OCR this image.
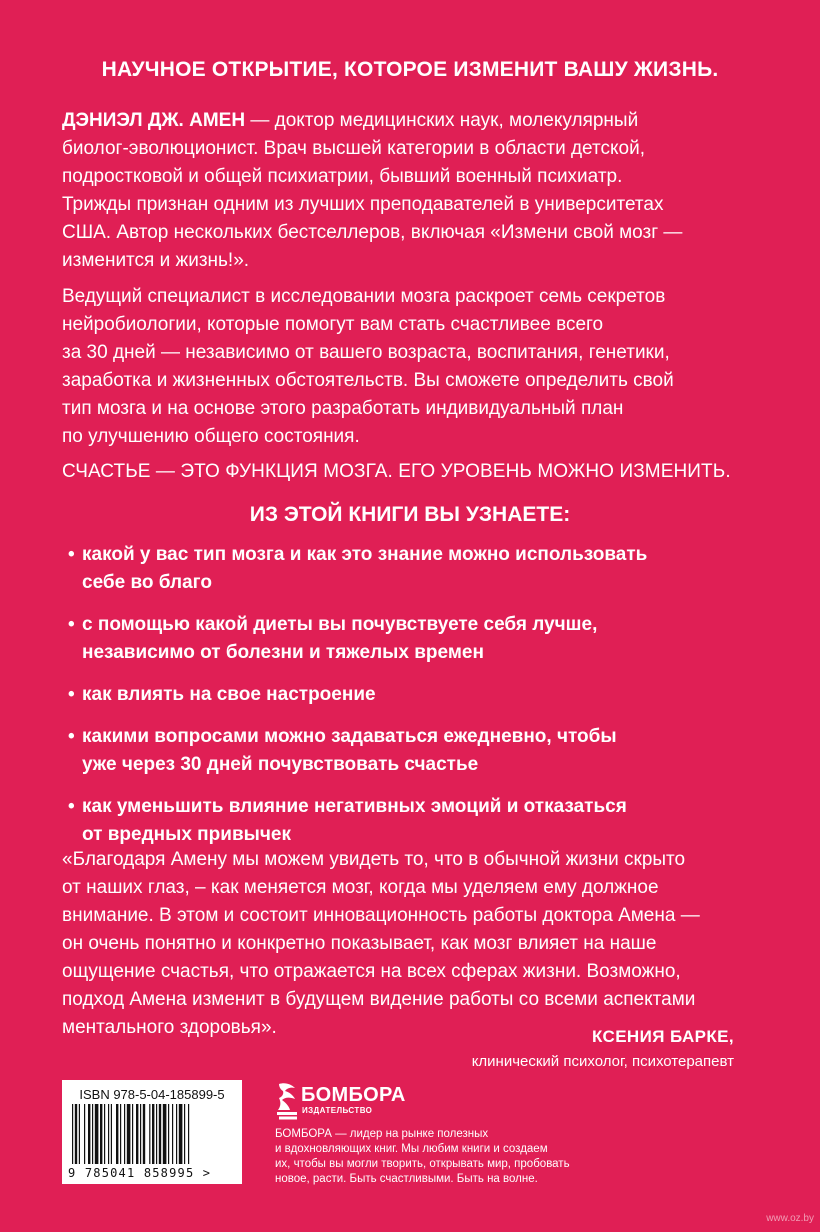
НАУЧНОЕ ОТКРЫТИЕ, КОТОРОЕ ИЗМЕНИТ ВАШУ ЖИЗНЬ.
ДЭНИЭЛ ДЖ. АМЕН — доктор медицинских наук, молекулярный
биолог-эволюционист. Врач высшей категории в области детской,
подростковой и общей психиатрии, бывший военный психиатр.
Трижды признан одним из лучших преподавателей в университетах
США. Автор нескольких бестселлеров, включая «Измени свой мозг —
изменится и жизнь!».
Ведущий специалист в исследовании мозга раскроет семь секретов
нейробиологии, которые помогут вам стать счастливее всего
за 30 дней — независимо от вашего возраста, воспитания, генетики,
заработка и жизненных обстоятельств. Вы сможете определить свой
тип мозга и на основе этого разработать индивидуальный план
по улучшению общего состояния.
СЧАСТЬЕ — ЭТО ФУНКЦИЯ МОЗГА. ЕГО УРОВЕНЬ МОЖНО ИЗМЕНИТЬ.
ИЗ ЭТОЙ КНИГИ ВЫ УЗНАЕТЕ:
• какой у вас тип мозга и как это знание можно использовать
себе во благо
• с помощью какой диеты вы почувствуете себя лучше,
независимо от болезни и тяжелых времен
• как влиять на свое настроение
• какими вопросами можно задаваться ежедневно, чтобы
уже через 30 дней почувствовать счастье
• как уменьшить влияние негативных эмоций и отказаться
от вредных привычек
«Благодаря Амену мы можем увидеть то, что в обычной жизни скрыто
от наших глаз, – как меняется мозг, когда мы уделяем ему должное
внимание. В этом и состоит инновационность работы доктора Амена —
он очень понятно и конкретно показывает, как мозг влияет на наше
ощущение счастья, что отражается на всех сферах жизни. Возможно,
подход Амена изменит в будущем видение работы со всеми аспектами
ментального здоровья».	КСЕНИЯ БАРКЕ,
клинический психолог, психотерапевт
ISBN 978-5-04-185899-5
9 785041 858995 >
БОМБОРА
ИЗДАТЕЛЬСТВО
БОМБОРА — лидер на рынке полезных
и вдохновляющих книг. Мы любим книги и создаем
их, чтобы вы могли творить, открывать мир, пробовать
новое, расти. Быть счастливыми. Быть на волне.
www.oz.by
